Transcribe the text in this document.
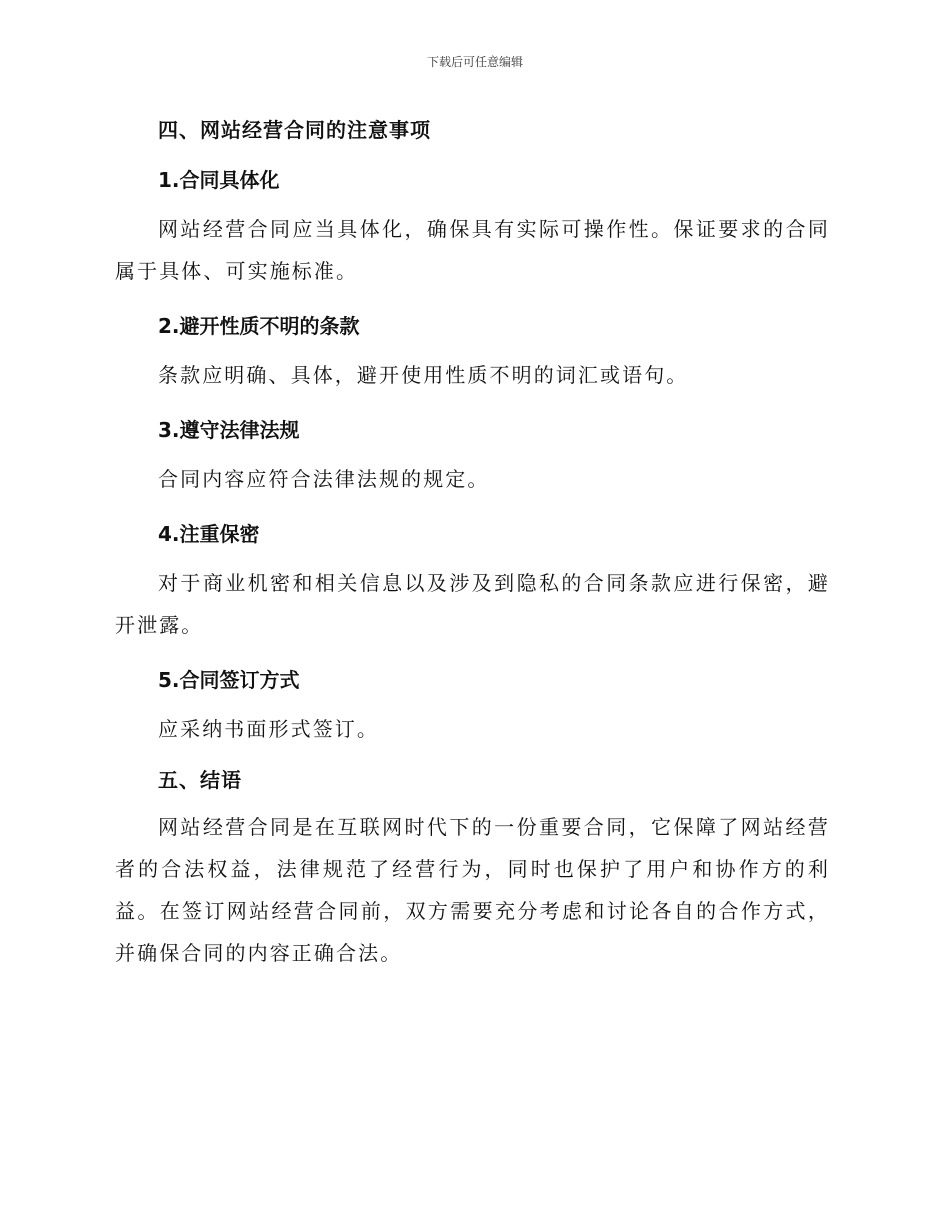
下载后可任意编辑
四、网站经营合同的注意事项
1.合同具体化

网站经营合同应当具体化，确保具有实际可操作性。保证要求的合同属于具体、可实施标准。

2.避开性质不明的条款

条款应明确、具体，避开使用性质不明的词汇或语句。

3.遵守法律法规

合同内容应符合法律法规的规定。

4.注重保密

对于商业机密和相关信息以及涉及到隐私的合同条款应进行保密，避开泄露。

5.合同签订方式

应采纳书面形式签订。

五、结语

网站经营合同是在互联网时代下的一份重要合同，它保障了网站经营者的合法权益，法律规范了经营行为，同时也保护了用户和协作方的利益。在签订网站经营合同前，双方需要充分考虑和讨论各自的合作方式，并确保合同的内容正确合法。
